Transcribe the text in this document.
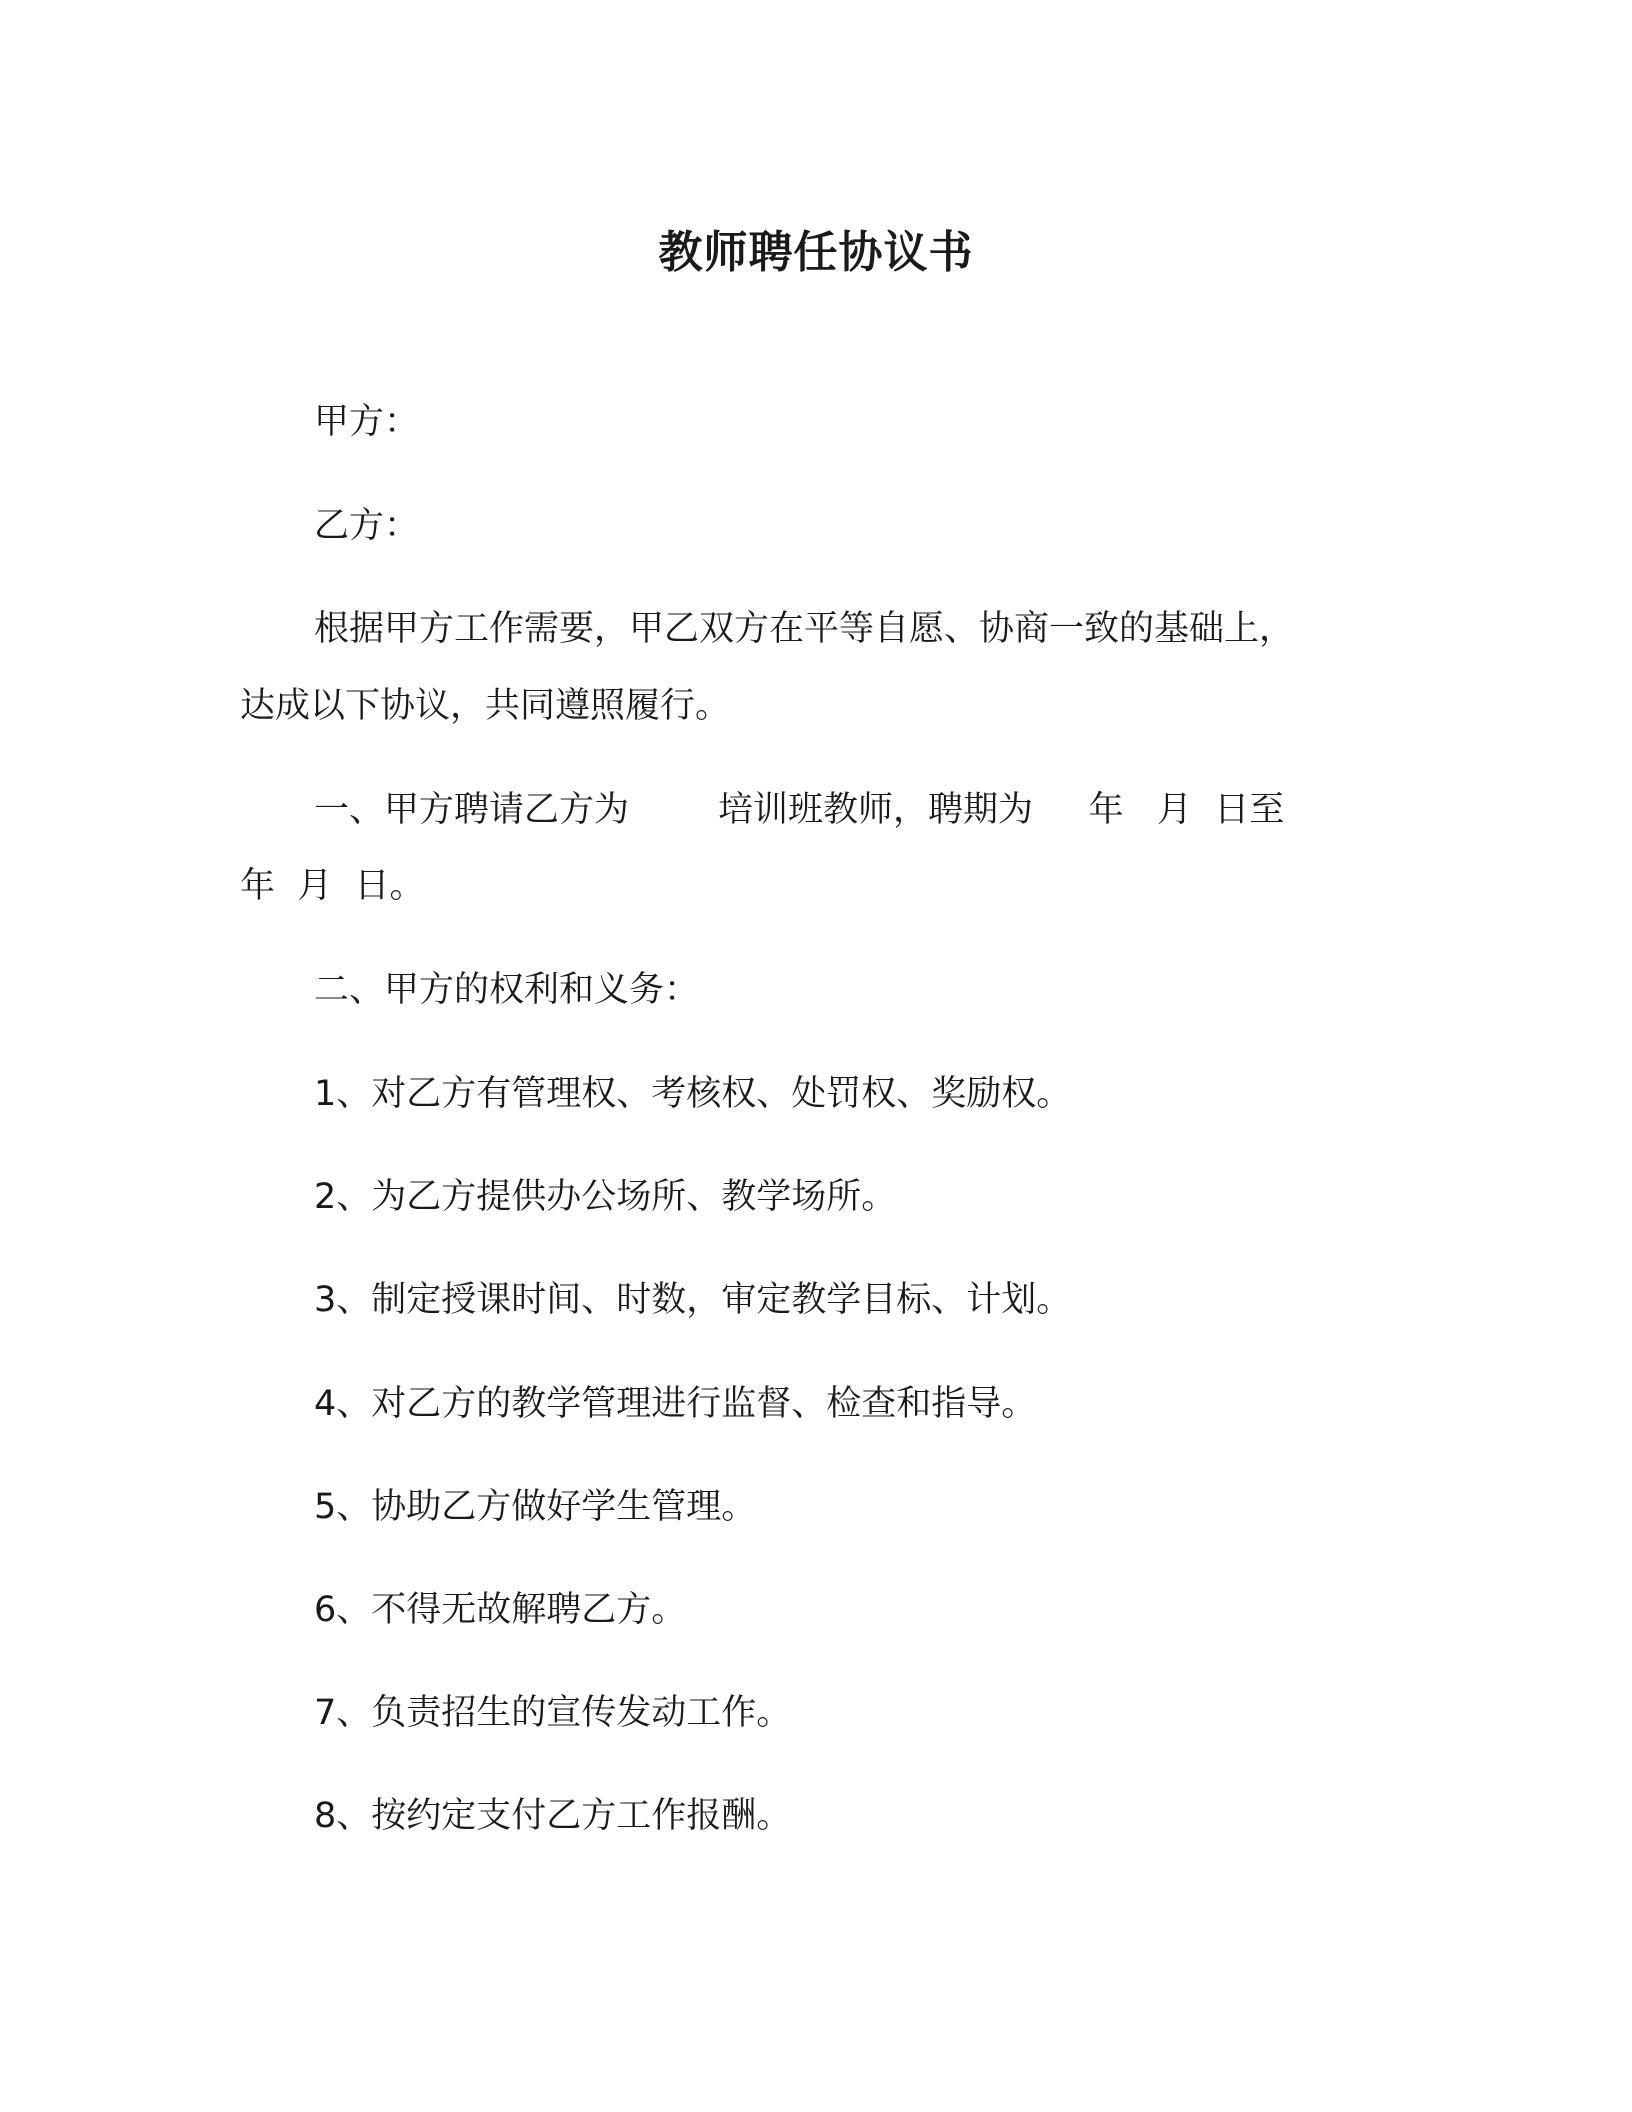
教师聘任协议书
甲方：
乙方：
根据甲方工作需要，甲乙双方在平等自愿、协商一致的基础上，
达成以下协议，共同遵照履行。
一、甲方聘请乙方为        培训班教师，聘期为     年   月  日至
年  月  日。
二、甲方的权利和义务：
1、对乙方有管理权、考核权、处罚权、奖励权。
2、为乙方提供办公场所、教学场所。
3、制定授课时间、时数，审定教学目标、计划。
4、对乙方的教学管理进行监督、检查和指导。
5、协助乙方做好学生管理。
6、不得无故解聘乙方。
7、负责招生的宣传发动工作。
8、按约定支付乙方工作报酬。
